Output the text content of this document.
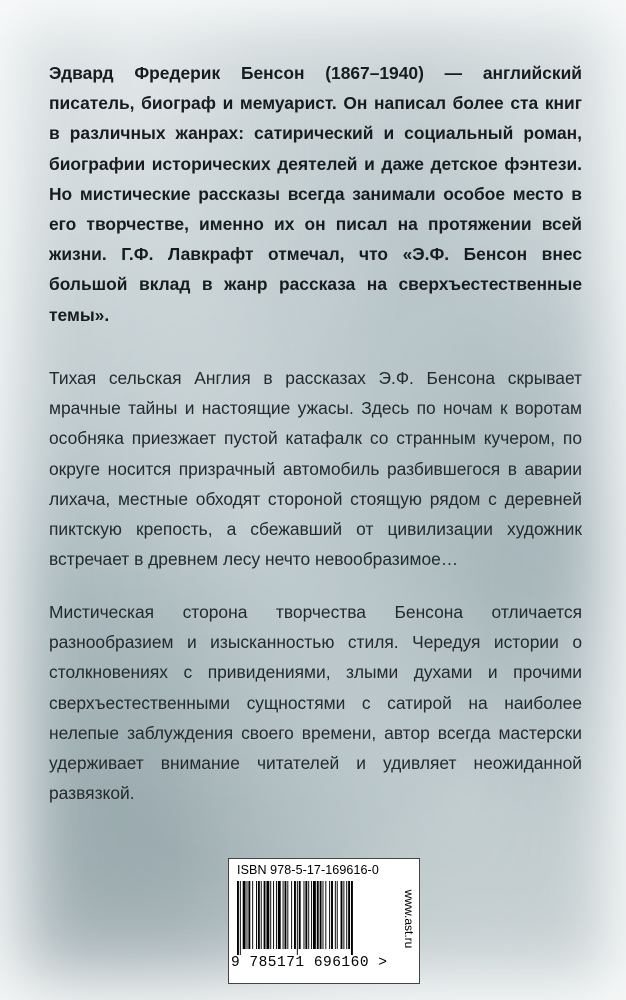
Эдвард Фредерик Бенсон (1867–1940) — английский писатель, биограф и мемуарист. Он написал более ста книг в различных жанрах: сатирический и социальный роман, биографии исторических деятелей и даже детское фэнтези. Но мистические рассказы всегда занимали особое место в его творчестве, именно их он писал на протяжении всей жизни. Г.Ф. Лавкрафт отмечал, что «Э.Ф. Бенсон внес большой вклад в жанр рассказа на сверхъестественные темы».

Тихая сельская Англия в рассказах Э.Ф. Бенсона скрывает мрачные тайны и настоящие ужасы. Здесь по ночам к воротам особняка приезжает пустой катафалк со странным кучером, по округе носится призрачный автомобиль разбившегося в аварии лихача, местные обходят стороной стоящую рядом с деревней пиктскую крепость, а сбежавший от цивилизации художник встречает в древнем лесу нечто невообразимое…

Мистическая сторона творчества Бенсона отличается разнообразием и изысканностью стиля. Чередуя истории о столкновениях с привидениями, злыми духами и прочими сверхъестественными сущностями с сатирой на наиболее нелепые заблуждения своего времени, автор всегда мастерски удерживает внимание читателей и удивляет неожиданной развязкой.

ISBN 978-5-17-169616-0
9 785171 696160 >
www.ast.ru
